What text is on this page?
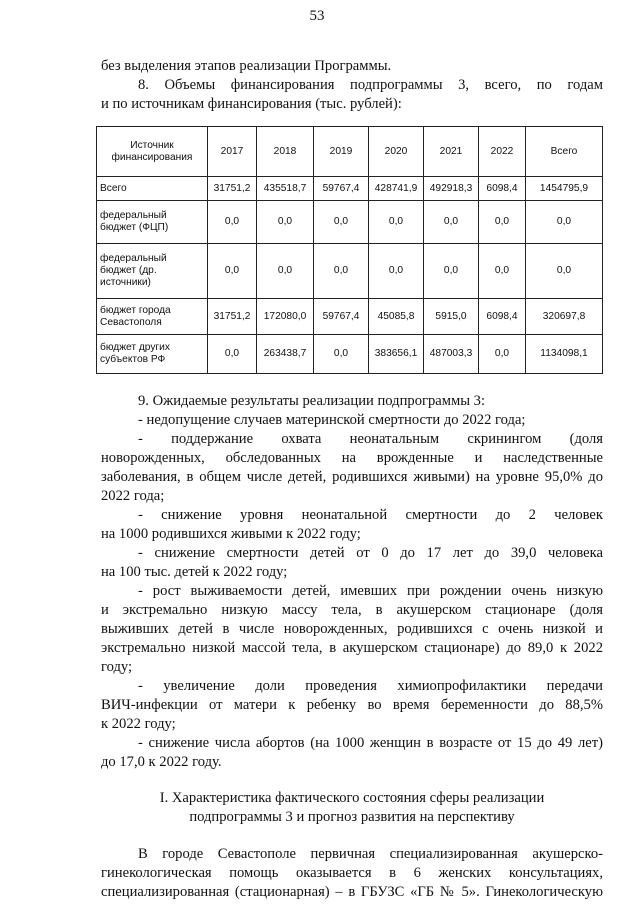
53

без выделения этапов реализации Программы.

8. Объемы финансирования подпрограммы 3, всего, по годам

и по источникам финансирования (тыс. рублей):

Источник финансирования	2017	2018	2019	2020	2021	2022	Всего
Всего	31751,2	435518,7	59767,4	428741,9	492918,3	6098,4	1454795,9
федеральный бюджет (ФЦП)	0,0	0,0	0,0	0,0	0,0	0,0	0,0
федеральный бюджет (др. источники)	0,0	0,0	0,0	0,0	0,0	0,0	0,0
бюджет города Севастополя	31751,2	172080,0	59767,4	45085,8	5915,0	6098,4	320697,8
бюджет других субъектов РФ	0,0	263438,7	0,0	383656,1	487003,3	0,0	1134098,1

9. Ожидаемые результаты реализации подпрограммы 3:

- недопущение случаев материнской смертности до 2022 года;

- поддержание охвата неонатальным скринингом (доля

новорожденных, обследованных на врожденные и наследственные

заболевания, в общем числе детей, родившихся живыми) на уровне 95,0% до

2022 года;

- снижение уровня неонатальной смертности до 2 человек

на 1000 родившихся живыми к 2022 году;

- снижение смертности детей от 0 до 17 лет до 39,0 человека

на 100 тыс. детей к 2022 году;

- рост выживаемости детей, имевших при рождении очень низкую

и экстремально низкую массу тела, в акушерском стационаре (доля

выживших детей в числе новорожденных, родившихся с очень низкой и

экстремально низкой массой тела, в акушерском стационаре) до 89,0 к 2022

году;

- увеличение доли проведения химиопрофилактики передачи

ВИЧ-инфекции от матери к ребенку во время беременности до 88,5%

к 2022 году;

- снижение числа абортов (на 1000 женщин в возрасте от 15 до 49 лет)

до 17,0 к 2022 году.

I. Характеристика фактического состояния сферы реализации

подпрограммы 3 и прогноз развития на перспективу

В городе Севастополе первичная специализированная акушерско-

гинекологическая помощь оказывается в 6 женских консультациях,

специализированная (стационарная) – в ГБУЗС «ГБ № 5». Гинекологическую
